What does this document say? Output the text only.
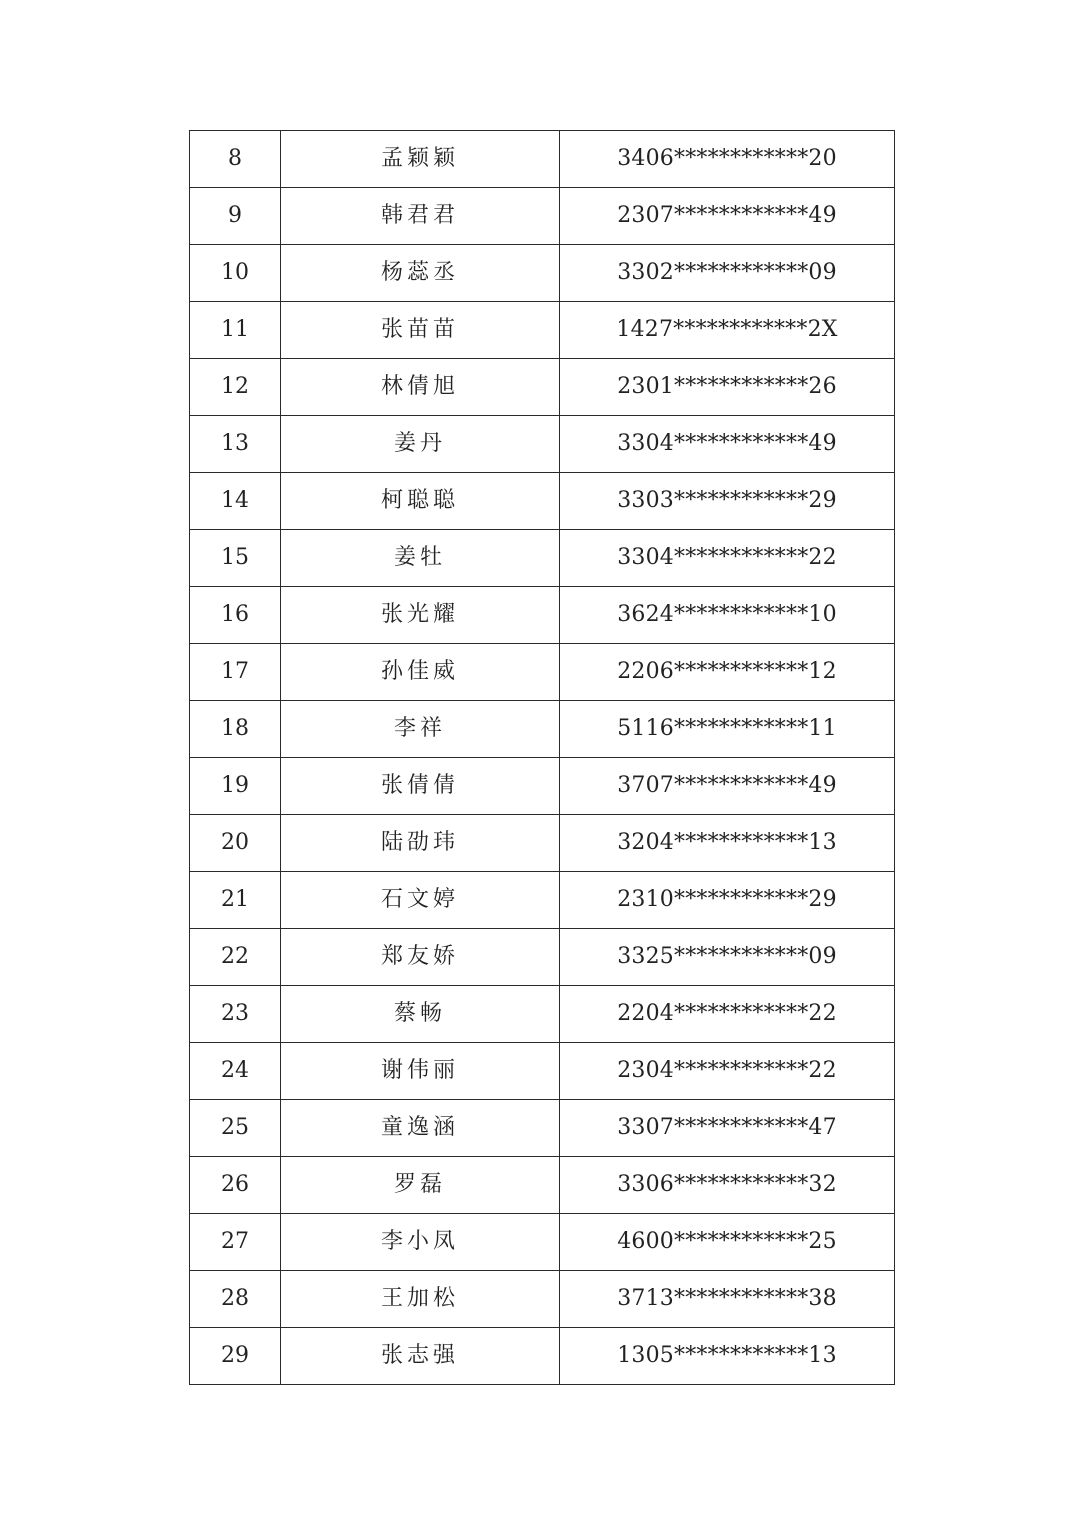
8	孟颖颖	3406************20
9	韩君君	2307************49
10	杨蕊丞	3302************09
11	张苗苗	1427************2X
12	林倩旭	2301************26
13	姜丹	3304************49
14	柯聪聪	3303************29
15	姜牡	3304************22
16	张光耀	3624************10
17	孙佳威	2206************12
18	李祥	5116************11
19	张倩倩	3707************49
20	陆劭玮	3204************13
21	石文婷	2310************29
22	郑友娇	3325************09
23	蔡畅	2204************22
24	谢伟丽	2304************22
25	童逸涵	3307************47
26	罗磊	3306************32
27	李小凤	4600************25
28	王加松	3713************38
29	张志强	1305************13
